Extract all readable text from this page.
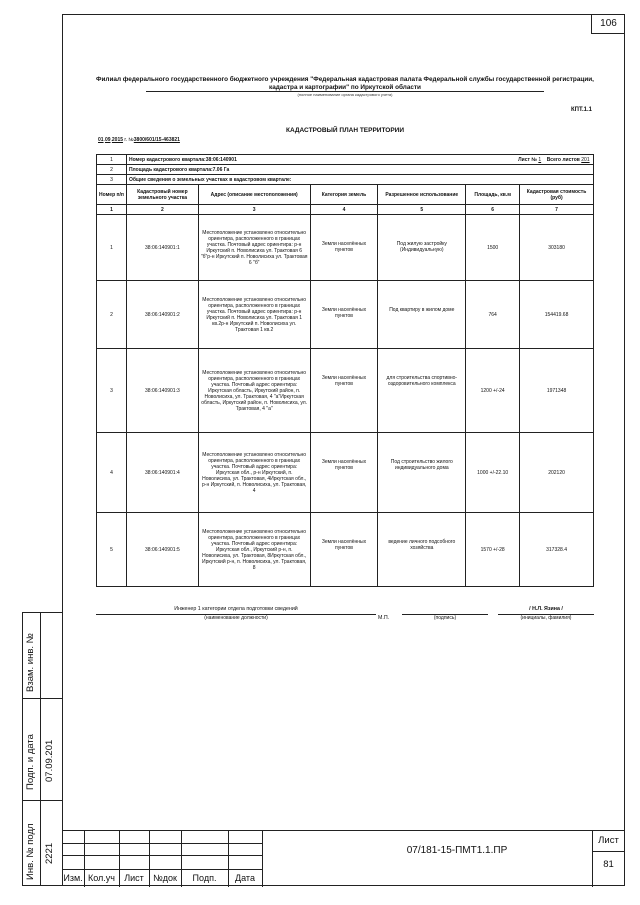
106
Взам. инв. №
Подп. и дата 07.09.201
Инв. № подл 2221
Изм. Кол.уч	Лист	№док	Подп.	Дата
07/181-15-ПМТ1.1.ПР
Лист
81
Филиал федерального государственного бюджетного учреждения "Федеральная кадастровая палата Федеральной службы государственной регистрации, кадастра и картографии" по Иркутской области
(полное наименование органа кадастрового учета)
КПТ.1.1
КАДАСТРОВЫЙ ПЛАН ТЕРРИТОРИИ
01.09.2015 г. №3800/601/15-463821
1	Номер кадастрового квартала:38:06:140901 Лист № 1 Всего листов 201					

2	Площадь кадастрового квартала:7.06 Га					
3	Общие сведения о земельных участках в кадастровом квартале:					
Номер п/п	Кадастровый номер земельного участка	Адрес (описание местоположения)	Категория земель	Разрешенное использование	Площадь, кв.м	Кадастровая стоимость (руб)
1	2	3	4	5	6	7
1	38:06:140901:1	Местоположение установлено относительно ориентира, расположенного в границах участка. Почтовый адрес ориентира: р-н Иркутский п. Новолисиха ул. Трактовая 6 "б"р-н Иркутский п. Новолисиха ул. Трактовая 6 "б"	Земли населённых пунктов	Под жилую застройку (Индивидуальную)	1500	303180
2	38:06:140901:2	Местоположение установлено относительно ориентира, расположенного в границах участка. Почтовый адрес ориентира: р-н Иркутский п. Новолисиха ул. Трактовая 1 кв.2р-н Иркутский п. Новолисиха ул. Трактовая 1 кв.2	Земли населённых пунктов	Под квартиру в жилом доме	764	154419.68
3	38:06:140901:3	Местоположение установлено относительно ориентира, расположенного в границах участка. Почтовый адрес ориентира: Иркутская область, Иркутский район, п. Новолисиха, ул. Трактовая, 4 "а"Иркутская область, Иркутский район, п. Новолисиха, ул. Трактовая, 4 "а"	Земли населённых пунктов	для строительства спортивно-оздоровительного комплекса	1200 +/-24	1971348
4	38:06:140901:4	Местоположение установлено относительно ориентира, расположенного в границах участка. Почтовый адрес ориентира: Иркутская обл., р-н Иркутский, п. Новолисиха, ул. Трактовая, 4Иркутская обл., р-н Иркутский, п. Новолисиха, ул. Трактовая, 4	Земли населённых пунктов	Под строительство жилого индивидуального дома	1000 +/-22.10	202120
5	38:06:140901:5	Местоположение установлено относительно ориентира, расположенного в границах участка. Почтовый адрес ориентира: Иркутская обл., Иркутский р-н, п. Новолисиха, ул. Трактовая, 8Иркутская обл., Иркутский р-н, п. Новолисиха, ул. Трактовая, 8	Земли населённых пунктов	ведение личного подсобного хозяйства	1570 +/-28	317328.4
Инженер 1 категории отдела подготовки сведений
(наименование должности)	М.П.	(подпись)
/ Н.Л. Язина /
(инициалы, фамилия)
